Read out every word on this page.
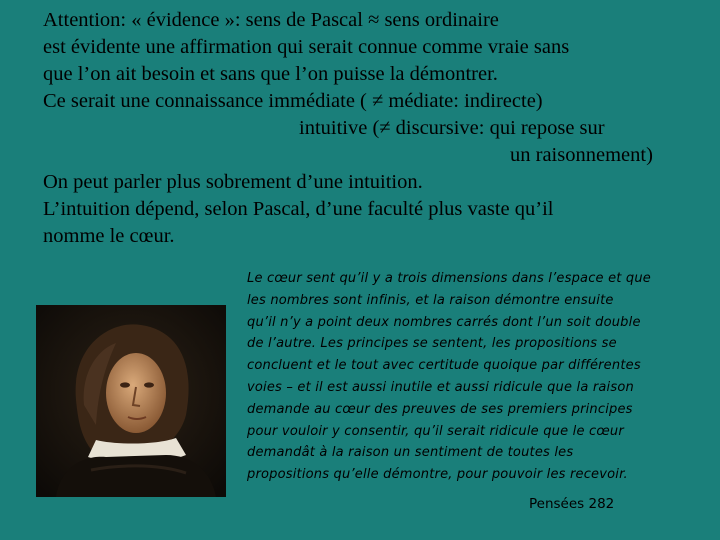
Attention: « évidence »: sens de Pascal ≈ sens ordinaire
est évidente une affirmation qui serait connue comme vraie sans
que l’on ait besoin et sans que l’on puisse la démontrer.
Ce serait une connaissance immédiate ( ≠ médiate: indirecte)
intuitive (≠ discursive: qui repose sur
un raisonnement)
On peut parler plus sobrement d’une intuition.
L’intuition dépend, selon Pascal, d’une faculté plus vaste qu’il
nomme le cœur.
Le cœur sent qu’il y a trois dimensions dans l’espace et que
les nombres sont infinis, et la raison démontre ensuite
qu’il n’y a point deux nombres carrés dont l’un soit double
de l’autre. Les principes se sentent, les propositions se
concluent et le tout avec certitude quoique par différentes
voies – et il est aussi inutile et aussi ridicule que la raison
demande au cœur des preuves de ses premiers principes
pour vouloir y consentir, qu’il serait ridicule que le cœur
demandât à la raison un sentiment de toutes les
propositions qu’elle démontre, pour pouvoir les recevoir.
Pensées 282
